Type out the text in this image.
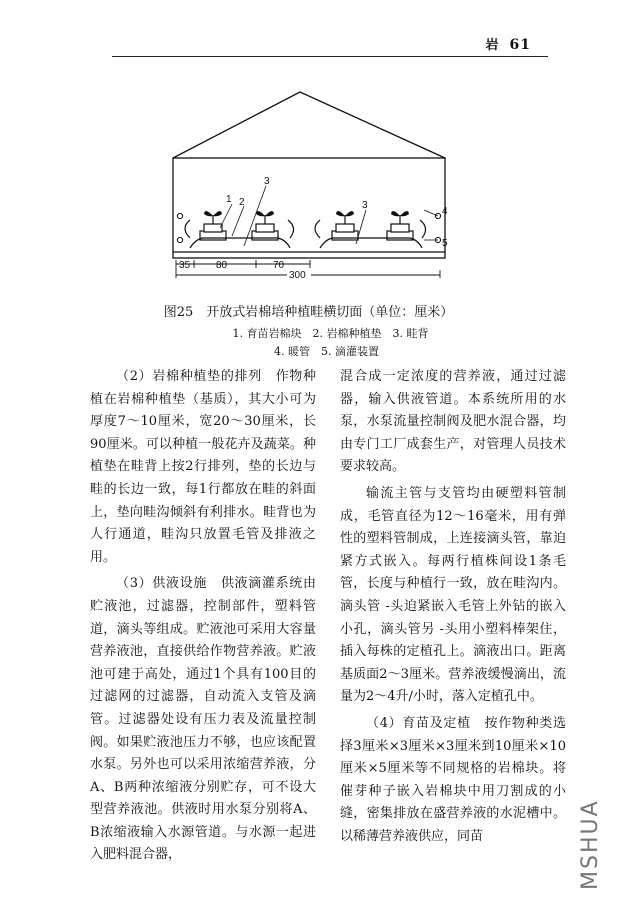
岩 61
1 2
3
3
4
5
35	80	70
300
图25　开放式岩棉培种植畦横切面（单位：厘米）
1. 育苗岩棉块　2. 岩棉种植垫　3. 畦背
4. 暖管　5. 滴灌装置

（2）岩棉种植垫的排列　作物种植在岩棉种植垫（基质），其大小可为厚度7～10厘米，宽20～30厘米，长90厘米。可以种植一般花卉及蔬菜。种植垫在畦背上按2行排列，垫的长边与畦的长边一致，每1行都放在畦的斜面上，垫向畦沟倾斜有利排水。畦背也为人行通道，畦沟只放置毛管及排液之用。

（3）供液设施　供液滴灌系统由贮液池，过滤器，控制部件，塑料管道，滴头等组成。贮液池可采用大容量营养液池，直接供给作物营养液。贮液池可建于高处，通过1个具有100目的过滤网的过滤器，自动流入支管及滴管。过滤器处设有压力表及流量控制阀。如果贮液池压力不够，也应该配置水泵。另外也可以采用浓缩营养液，分A、B两种浓缩液分别贮存，可不设大型营养液池。供液时用水泵分别将A、B浓缩液输入水源管道。与水源一起进入肥料混合器，

混合成一定浓度的营养液，通过过滤器，输入供液管道。本系统所用的水泵，水泵流量控制阀及肥水混合器，均由专门工厂成套生产，对管理人员技术要求较高。

输流主管与支管均由硬塑料管制成，毛管直径为12～16毫米，用有弹性的塑料管制成，上连接滴头管，靠迫紧方式嵌入。每两行植株间设1条毛管，长度与种植行一致，放在畦沟内。滴头管 -头迫紧嵌入毛管上外钻的嵌入小孔，滴头管另 -头用小塑料棒架住，插入每株的定植孔上。滴液出口。距离基质面2～3厘米。营养液缓慢滴出，流量为2～4升/小时，落入定植孔中。

（4）育苗及定植　按作物种类选择3厘米×3厘米×3厘米到10厘米×10厘米×5厘米等不同规格的岩棉块。将催芽种子嵌入岩棉块中用刀割成的小缝，密集排放在盛营养液的水泥槽中。以稀薄营养液供应，同苗	MSHUA
